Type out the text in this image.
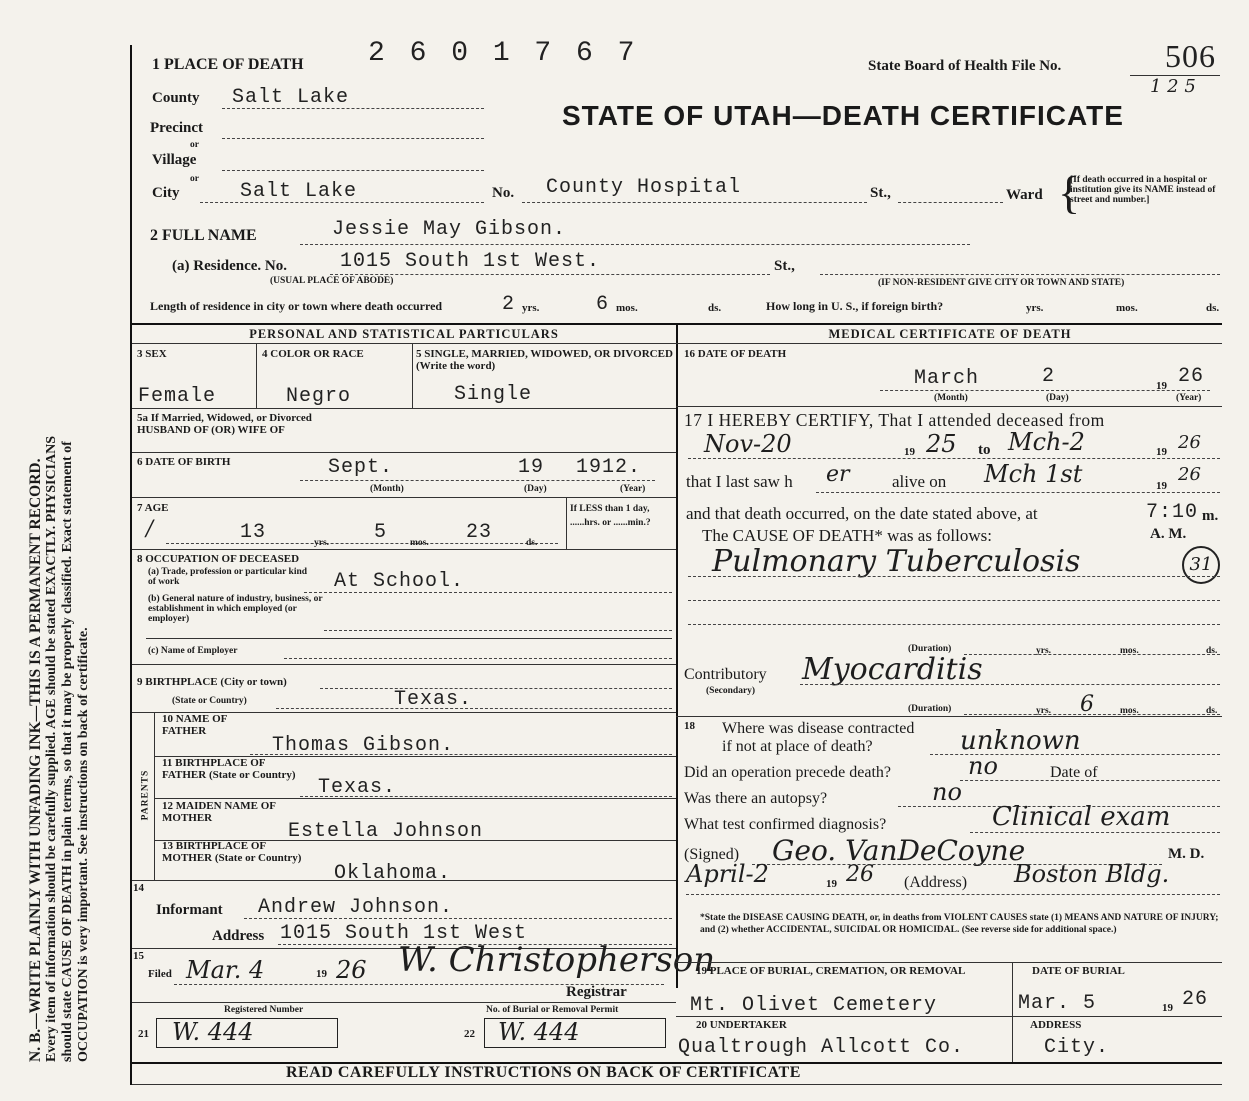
N. B.—WRITE PLAINLY WITH UNFADING INK—THIS IS A PERMANENT RECORD. Every item of information should be carefully supplied. AGE should be stated EXACTLY. PHYSICIANS should state CAUSE OF DEATH in plain terms, so that it may be properly classified. Exact statement of OCCUPATION is very important. See instructions on back of certificate.
1 PLACE OF DEATH 2 6 0 1 7 6 7	State Board of Health File No.	506
1 2 5
STATE OF UTAH—DEATH CERTIFICATE
County Salt Lake
Precinct
or
Village
or
City	Salt Lake	No. County Hospital	St.,	Ward {
[If death occurred in a hospital or institution give its NAME instead of street and number.]
2 FULL NAME	Jessie May Gibson.
(a) Residence. No.	1015 South 1st West.	St.,
(USUAL PLACE OF ABODE)	(IF NON-RESIDENT GIVE CITY OR TOWN AND STATE)
Length of residence in city or town where death occurred	2 yrs.	6 mos.	ds.	How long in U. S., if foreign birth?	yrs.	mos.	ds.
PERSONAL AND STATISTICAL PARTICULARS	MEDICAL CERTIFICATE OF DEATH
3 SEX	4 COLOR OR RACE	5 SINGLE, MARRIED, WIDOWED, OR DIVORCED (Write the word)
Female	Negro	Single
5a If Married, Widowed, or Divorced HUSBAND OF (OR) WIFE OF
6 DATE OF BIRTH	Sept.	19 1912.
(Month)	(Day)	(Year)
7 AGE
/	13	5	23
yrs.	mos.	ds.
If LESS than 1 day, ......hrs. or ......min.?
8 OCCUPATION OF DECEASED
(a) Trade, profession or particular kind of work	At School.
(b) General nature of industry, business, or establishment in which employed (or employer)
(c) Name of Employer
9 BIRTHPLACE (City or town)
(State or Country)	Texas.
PARENTS
10 NAME OF FATHER
Thomas Gibson.
11 BIRTHPLACE OF FATHER (State or Country)
Texas.
12 MAIDEN NAME OF MOTHER
Estella Johnson
13 BIRTHPLACE OF MOTHER (State or Country)
Oklahoma.
14
Informant Andrew Johnson.
Address 1015 South 1st West
15
Filed Mar. 4	19 26 W. Christopherson
Registrar
Registered Number	No. of Burial or Removal Permit
21 W. 444	22 W. 444
16 DATE OF DEATH
March	2	19 26
(Month)	(Day)	(Year)
17 I HEREBY CERTIFY, That I attended deceased from
Nov-20	19 25 to Mch-2	19 26
that I last saw h er alive on Mch 1st	19
26
and that death occurred, on the date stated above, at	7:10 m.
The CAUSE OF DEATH* was as follows:	A. M.
Pulmonary Tuberculosis	31
(Duration)	yrs.	mos.	ds.
Contributory
(Secondary)
Myocarditis
(Duration)	yrs. 6	mos.	ds.
18 Where was disease contracted
if not at place of death?	unknown
Did an operation precede death?	no	Date of
Was there an autopsy?	no
What test confirmed diagnosis?	Clinical exam
(Signed) Geo. VanDeCoyne	M. D.
April-2	19 26 (Address) Boston Bldg.
*State the DISEASE CAUSING DEATH, or, in deaths from VIOLENT CAUSES state (1) MEANS AND NATURE OF INJURY; and (2) whether ACCIDENTAL, SUICIDAL OR HOMICIDAL. (See reverse side for additional space.)
19 PLACE OF BURIAL, CREMATION, OR REMOVAL
Mt. Olivet Cemetery
DATE OF BURIAL
Mar. 5	19 26
20 UNDERTAKER
Qualtrough Allcott Co.
ADDRESS
City.
READ CAREFULLY INSTRUCTIONS ON BACK OF CERTIFICATE
